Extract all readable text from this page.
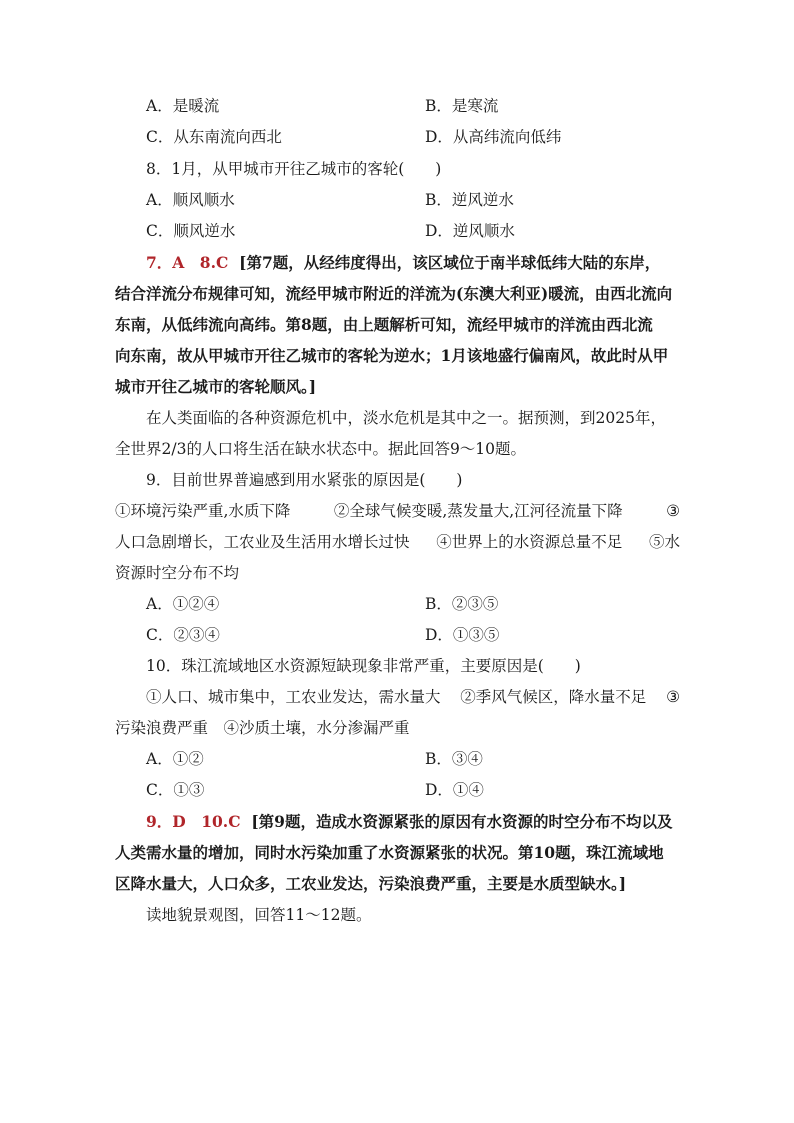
A．是暖流	B．是寒流
C．从东南流向西北	D．从高纬流向低纬
8．1月，从甲城市开往乙城市的客轮(　　)
A．顺风顺水	B．逆风逆水
C．顺风逆水	D．逆风顺水
7．A　8.C [第7题，从经纬度得出，该区域位于南半球低纬大陆的东岸，
结合洋流分布规律可知，流经甲城市附近的洋流为(东澳大利亚)暖流，由西北流向
东南，从低纬流向高纬。第8题，由上题解析可知，流经甲城市的洋流由西北流
向东南，故从甲城市开往乙城市的客轮为逆水；1月该地盛行偏南风，故此时从甲
城市开往乙城市的客轮顺风。]
在人类面临的各种资源危机中，淡水危机是其中之一。据预测，到2025年，
全世界2/3的人口将生活在缺水状态中。据此回答9～10题。
9．目前世界普遍感到用水紧张的原因是(　　)
①环境污染严重,水质下降	②全球气候变暖,蒸发量大,江河径流量下降	③
人口急剧增长，工农业及生活用水增长过快 ④世界上的水资源总量不足 ⑤水
资源时空分布不均
A．①②④	B．②③⑤
C．②③④	D．①③⑤
10．珠江流域地区水资源短缺现象非常严重，主要原因是(　　)
①人口、城市集中，工农业发达，需水量大 ②季风气候区，降水量不足 ③
污染浪费严重　④沙质土壤，水分渗漏严重
A．①②	B．③④
C．①③	D．①④
9．D　10.C [第9题，造成水资源紧张的原因有水资源的时空分布不均以及
人类需水量的增加，同时水污染加重了水资源紧张的状况。第10题，珠江流域地
区降水量大，人口众多，工农业发达，污染浪费严重，主要是水质型缺水。]
读地貌景观图，回答11～12题。
